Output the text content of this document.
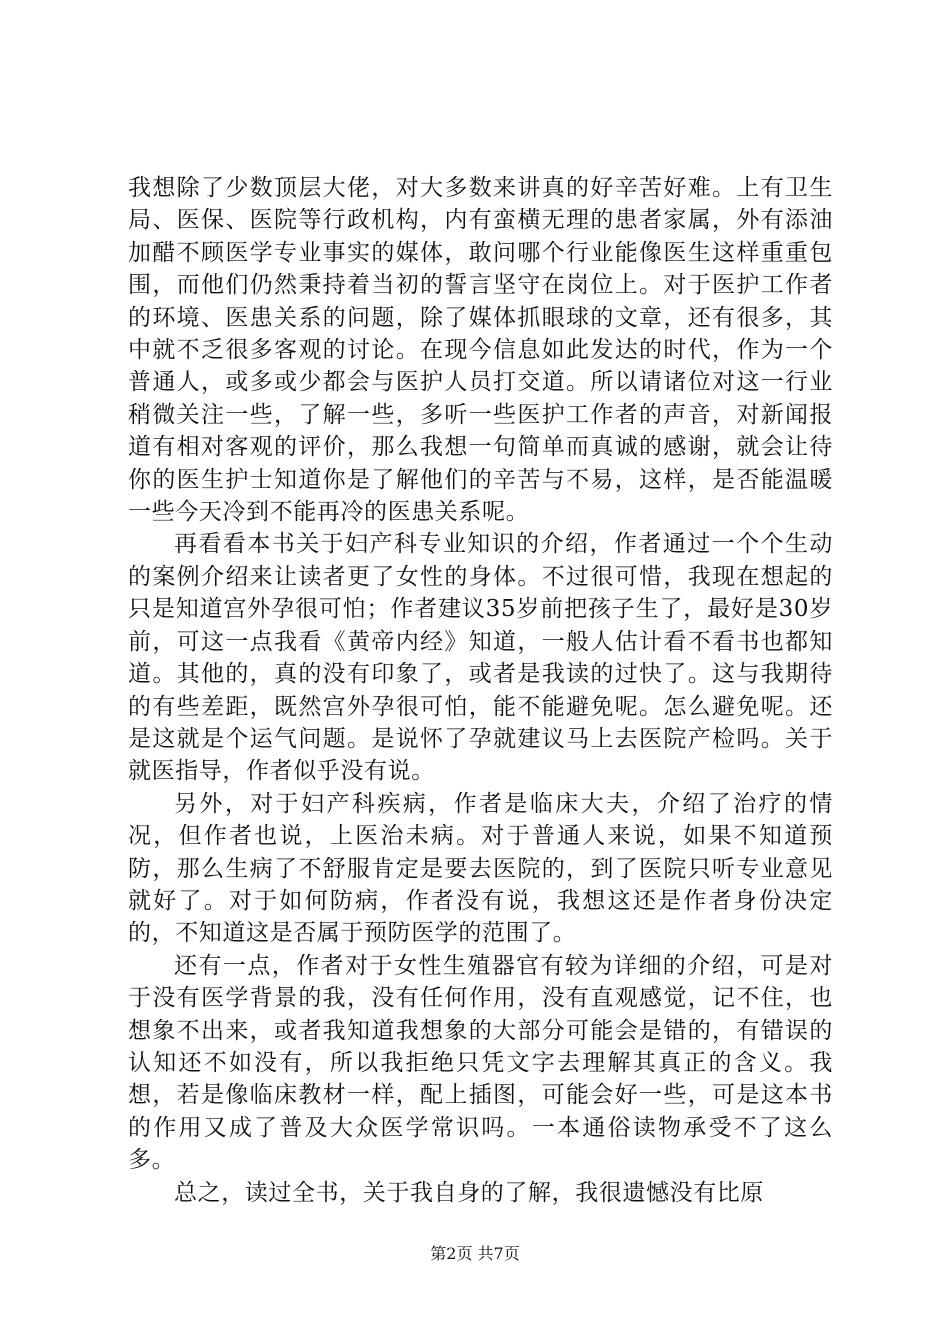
我想除了少数顶层大佬，对大多数来讲真的好辛苦好难。上有卫生局、医保、医院等行政机构，内有蛮横无理的患者家属，外有添油加醋不顾医学专业事实的媒体，敢问哪个行业能像医生这样重重包围，而他们仍然秉持着当初的誓言坚守在岗位上。对于医护工作者的环境、医患关系的问题，除了媒体抓眼球的文章，还有很多，其中就不乏很多客观的讨论。在现今信息如此发达的时代，作为一个普通人，或多或少都会与医护人员打交道。所以请诸位对这一行业稍微关注一些，了解一些，多听一些医护工作者的声音，对新闻报道有相对客观的评价，那么我想一句简单而真诚的感谢，就会让待你的医生护士知道你是了解他们的辛苦与不易，这样，是否能温暖一些今天冷到不能再冷的医患关系呢。

再看看本书关于妇产科专业知识的介绍，作者通过一个个生动的案例介绍来让读者更了女性的身体。不过很可惜，我现在想起的只是知道宫外孕很可怕；作者建议35岁前把孩子生了，最好是30岁前，可这一点我看《黄帝内经》知道，一般人估计看不看书也都知道。其他的，真的没有印象了，或者是我读的过快了。这与我期待的有些差距，既然宫外孕很可怕，能不能避免呢。怎么避免呢。还是这就是个运气问题。是说怀了孕就建议马上去医院产检吗。关于就医指导，作者似乎没有说。

另外，对于妇产科疾病，作者是临床大夫，介绍了治疗的情况，但作者也说，上医治未病。对于普通人来说，如果不知道预防，那么生病了不舒服肯定是要去医院的，到了医院只听专业意见就好了。对于如何防病，作者没有说，我想这还是作者身份决定的，不知道这是否属于预防医学的范围了。

还有一点，作者对于女性生殖器官有较为详细的介绍，可是对于没有医学背景的我，没有任何作用，没有直观感觉，记不住，也想象不出来，或者我知道我想象的大部分可能会是错的，有错误的认知还不如没有，所以我拒绝只凭文字去理解其真正的含义。我想，若是像临床教材一样，配上插图，可能会好一些，可是这本书的作用又成了普及大众医学常识吗。一本通俗读物承受不了这么多。

总之，读过全书，关于我自身的了解，我很遗憾没有比原

第2页 共7页
